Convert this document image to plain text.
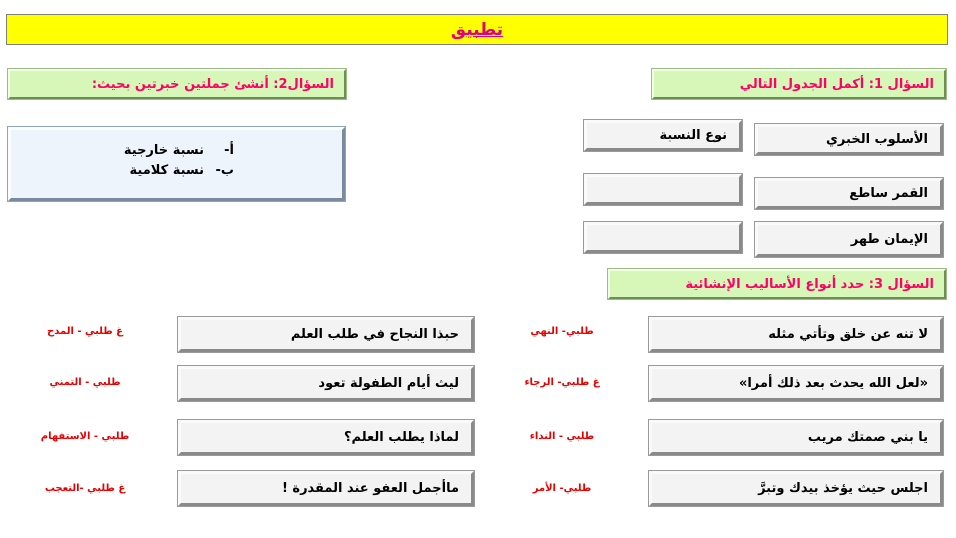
تطبيق
السؤال 1: أكمل الجدول التالي
الأسلوب الخبري
نوع النسبة
القمر ساطع
الإيمان طهر
السؤال2: أنشئ جملتين خبرتين بحيث:
أ-
نسبة خارجية
ب-
نسبة كلامية
السؤال 3: حدد أنواع الأساليب الإنشائية
لا تنه عن خلق وتأتي مثله
«لعل الله يحدث بعد ذلك أمرا»
يا بني صمتك مريب
اجلس حيث يؤخذ بيدك وتبرَّ
طلبي- النهي
غ طلبي- الرجاء
طلبي - النداء
طلبي- الأمر
حبذا النجاح في طلب العلم
ليث أيام الطفولة تعود
لماذا يطلب العلم؟
ماأجمل العفو عند المقدرة !
غ طلبي - المدح
طلبي - التمني
طلبي - الاستفهام
غ طلبي -التعجب
